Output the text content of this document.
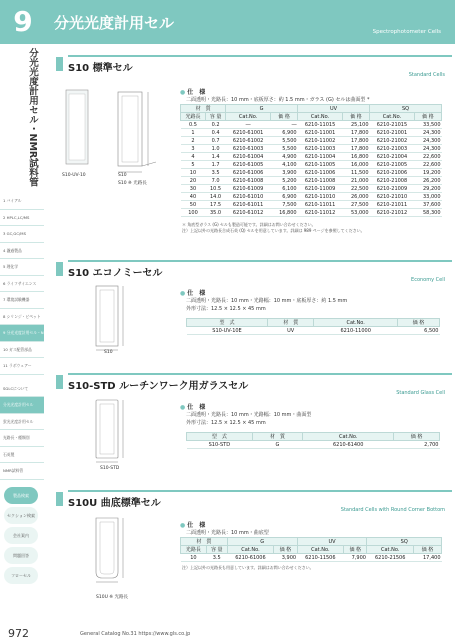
9	分光光度計用セル	Spectrophotometer Cells
分光光度計用セル・NMR試料管
1 バイアル
2 HPLC,LC/MS
3 GC,GC/MS
4 濾過製品
5 理化学
6 ライフサイエンス
7 環境試験機器
8 シリンジ・ピペット
9 分光光度計用セル・NMR試料管
10 ガス配管部品
11 ラボウェアー
SGLCについて
分光光度計用セル
蛍光光度計用セル
光路長・種類別
石英製
NMR試料管
製品検索
セクション検索
会社案内
問題回答
フローセル
S10 標準セル
Standard Cells
S10-UV-10	S10
S10 ※ 光路長
● 仕　様
二面透明・光路長：10 mm・底板厚さ：約 1.5 mm・ガラス (G) セルは曲面型 *
材　質		G		UV		SQ	
光路長	容 量	Cat.No.	価 格	Cat.No.	価 格	Cat.No.	価 格
0.5	0.2	―	―	6210-11015	25,100	6210-21015	33,500
1	0.4	6210-61001	6,900	6210-11001	17,800	6210-21001	24,300
2	0.7	6210-61002	5,500	6210-11002	17,800	6210-21002	24,300
3	1.0	6210-61003	5,500	6210-11003	17,800	6210-21003	24,300
4	1.4	6210-61004	4,900	6210-11004	16,800	6210-21004	22,600
5	1.7	6210-61005	4,100	6210-11005	16,000	6210-21005	22,600
10	3.5	6210-61006	3,900	6210-11006	11,500	6210-21006	19,200
20	7.0	6210-61008	5,200	6210-11008	21,000	6210-21008	26,200
30	10.5	6210-61009	6,100	6210-11009	22,500	6210-21009	29,200
40	14.0	6210-61010	6,900	6210-11010	26,000	6210-21010	33,000
50	17.5	6210-61011	7,500	6210-11011	27,500	6210-21011	37,600
100	35.0	6210-61012	16,800	6210-11012	53,000	6210-21012	58,300
＊ 角底型ガラス (G) セルも製造可能です。詳細はお問い合わせください。
注）上記以外の光路長合成石英 (Q) セルを用意しています。詳細は 989 ページを参照してください。
S10 エコノミーセル
Economy Cell
S10
● 仕　様
二面透明・光路長：10 mm・光路幅：10 mm・底板厚さ：約 1.5 mm
外形寸法：12.5 × 12.5 × 45 mm
型　式	材　質	Cat.No.	価 格
S10-UV-10E	UV	6210-11000	6,500
S10-STD ルーチンワーク用ガラスセル
Standard Glass Cell
S10-STD
● 仕　様
二面透明・光路長：10 mm・光路幅：10 mm・曲面型
外形寸法：12.5 × 12.5 × 45 mm
型　式	材　質	Cat.No.	価 格
S10-STD	G	6210-61400	2,700
S10U 曲底標準セル
Standard Cells with Round Corner Bottom
S10U ※ 光路長
● 仕　様
二面透明・光路長：10 mm・曲底型
材　質		G		UV		SQ	
光路長	容 量	Cat.No.	価 格	Cat.No.	価 格	Cat.No.	価 格
10	3.5	6210-61006	3,900	6210-11506	7,900	6210-21506	17,400
注）上記以外の光路長も用意しています。詳細はお問い合わせください。
972	General Catalog No.31 https://www.gls.co.jp
